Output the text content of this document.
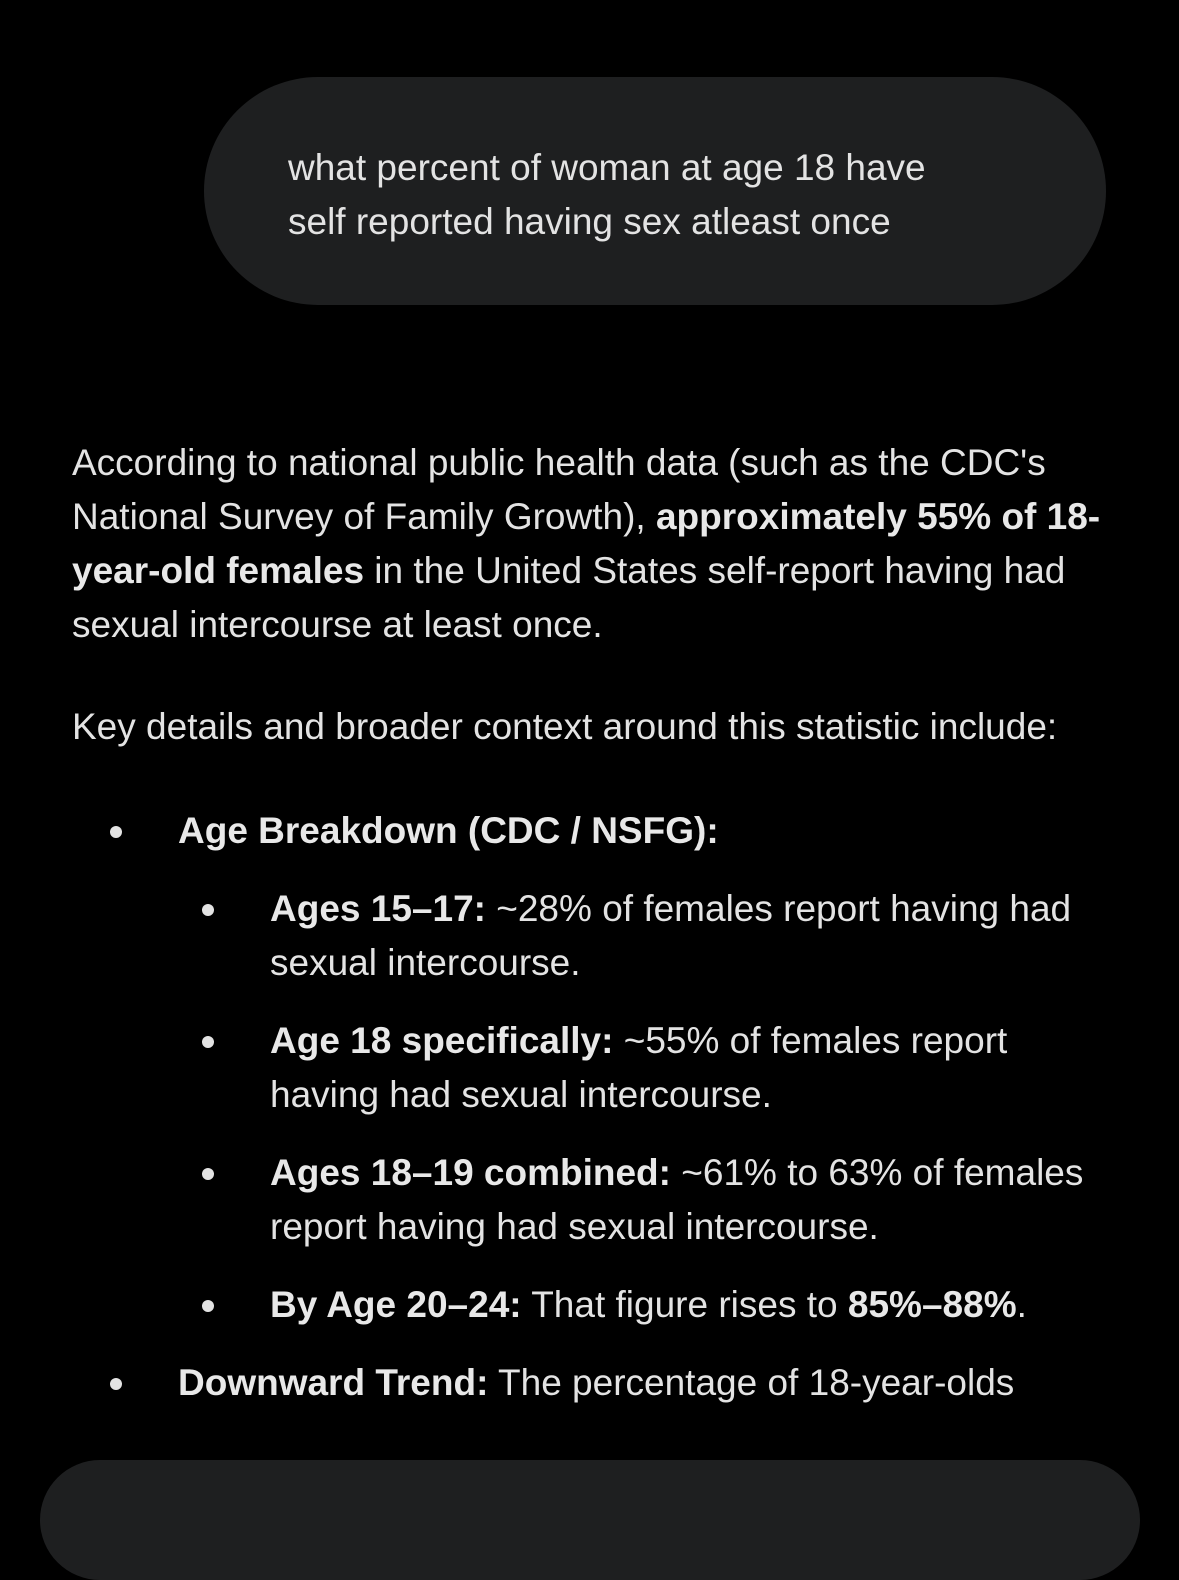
what percent of woman at age 18 have
self reported having sex atleast once

According to national public health data (such as the CDC's National Survey of Family Growth), approximately 55% of 18-year-old females in the United States self-report having had sexual intercourse at least once.

Key details and broader context around this statistic include:

Age Breakdown (CDC / NSFG):
Ages 15–17: ~28% of females report having had sexual intercourse.
Age 18 specifically: ~55% of females report having had sexual intercourse.
Ages 18–19 combined: ~61% to 63% of females report having had sexual intercourse.
By Age 20–24: That figure rises to 85%–88%.
Downward Trend: The percentage of 18-year-olds
